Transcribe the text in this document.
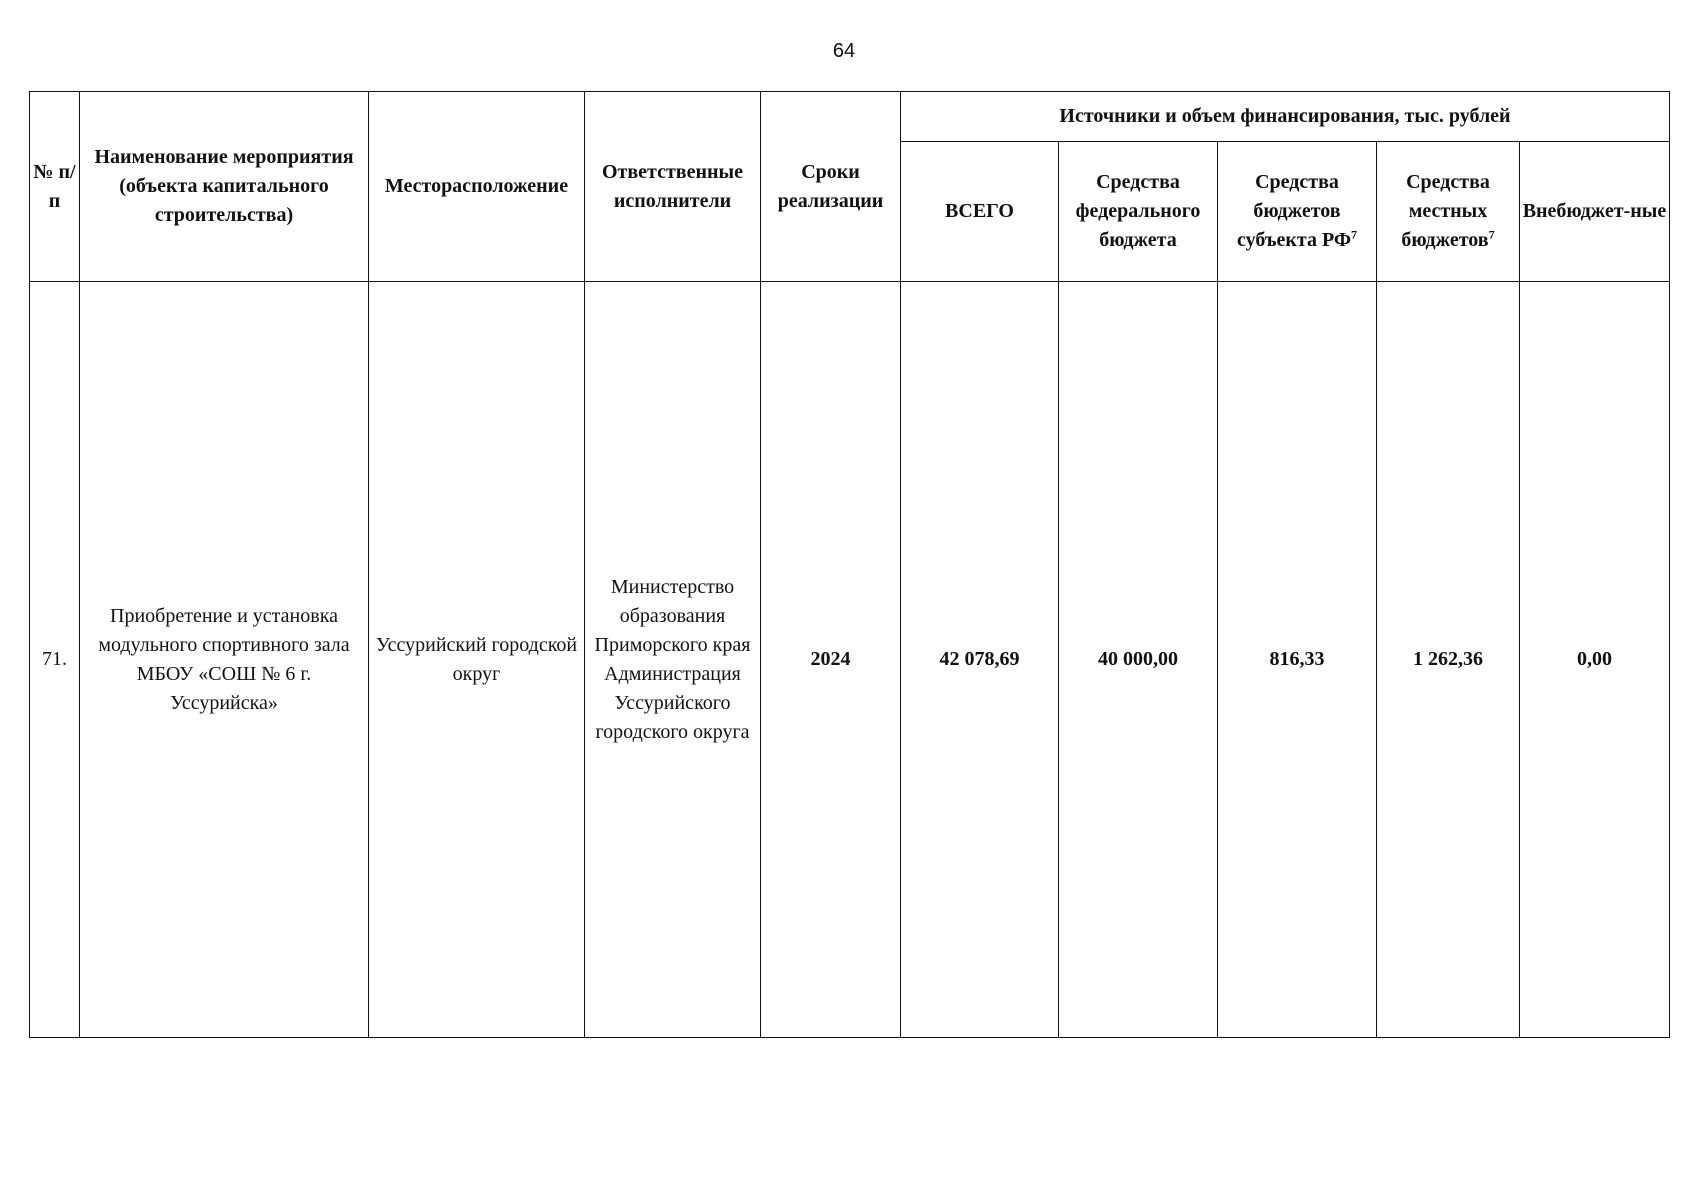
64
№ п/п	Наименование мероприятия (объекта капитального строительства)	Месторасположение	Ответственные исполнители	Сроки реализации	Источники и объем финансирования, тыс. рублей				
					ВСЕГО	Средства федерального бюджета	Средства бюджетов субъекта $РФ^7$	Средства местных бюджетов$^7$	Внебюджет-ные
71.	Приобретение и установка модульного спортивного зала МБОУ «СОШ № 6 г. Уссурийска»	Уссурийский городской округ	Министерство образования Приморского края Администрация Уссурийского городского округа	2024	42 078,69	40 000,00	816,33	1 262,36	0,00
